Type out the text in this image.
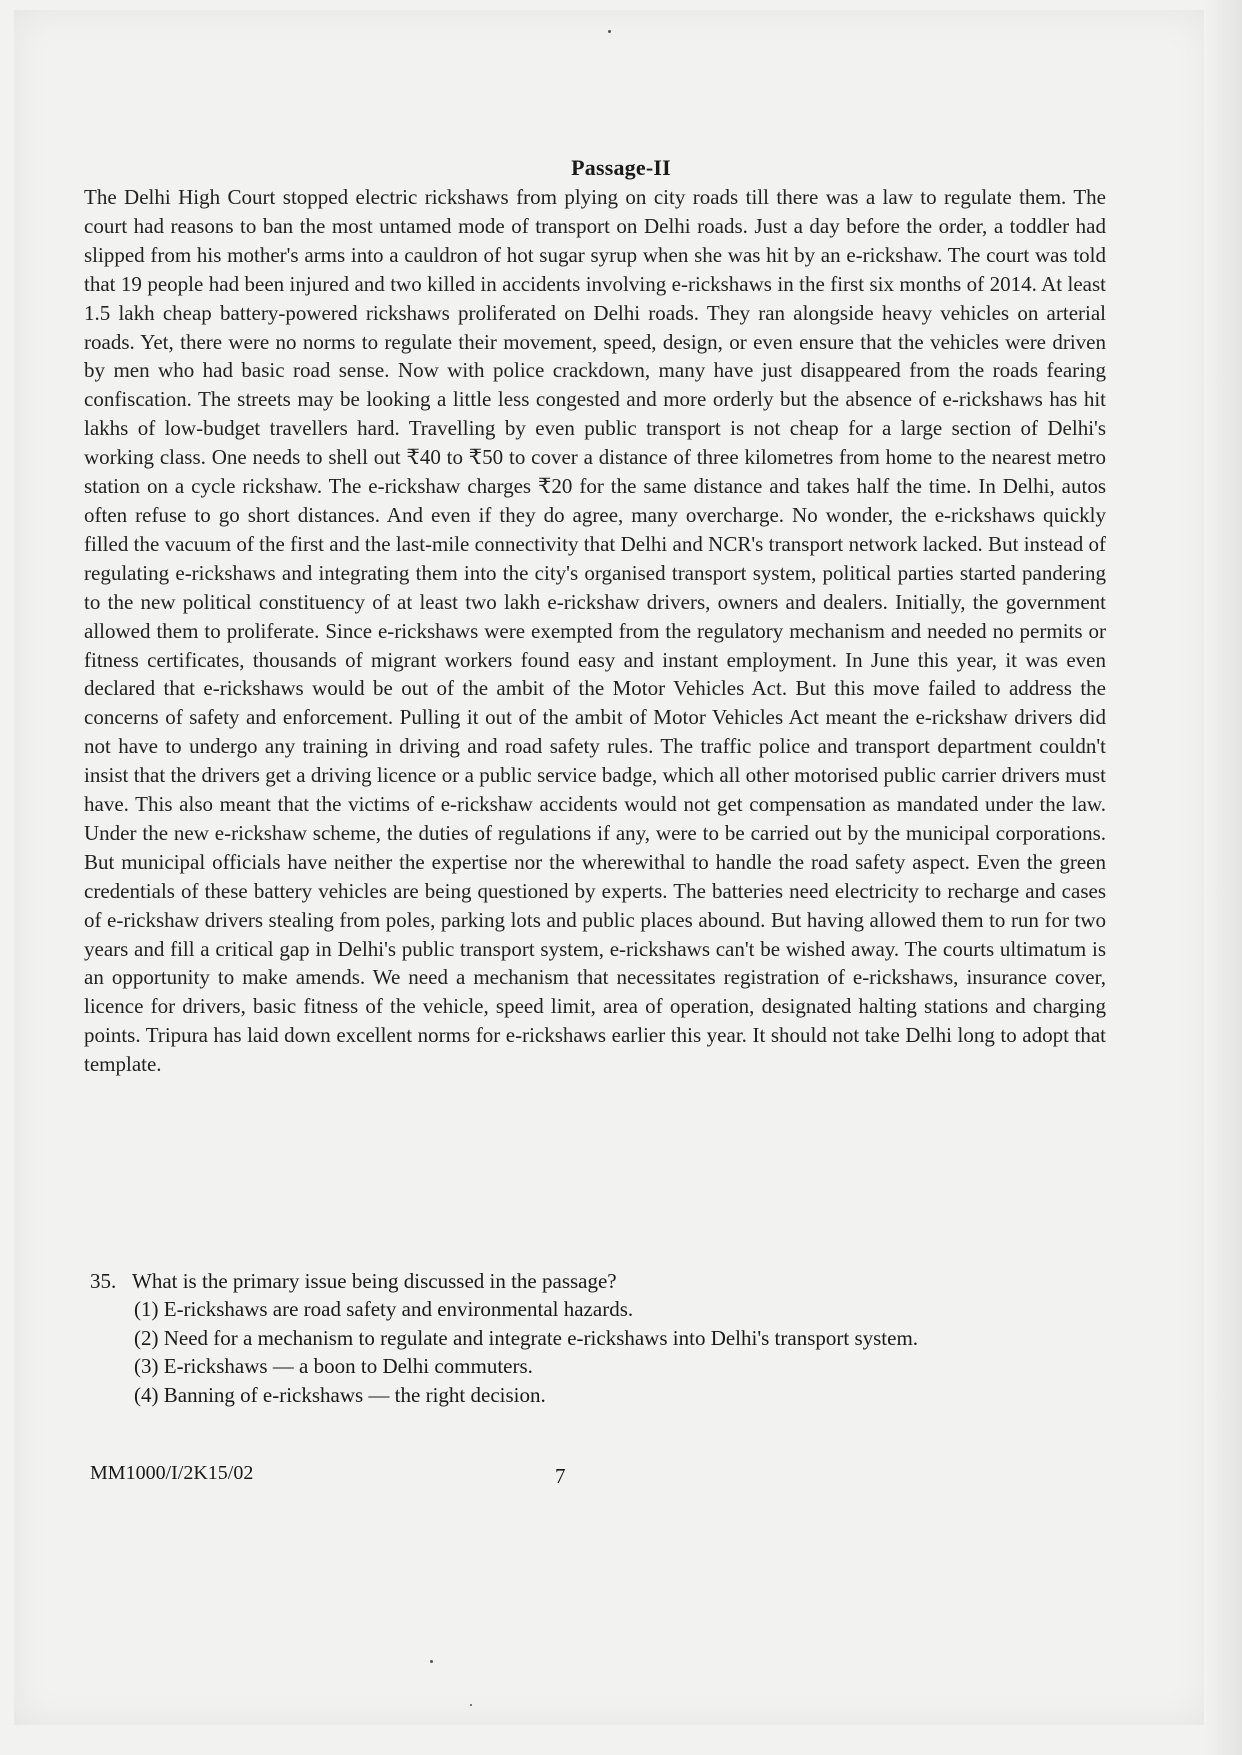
Passage-II

The Delhi High Court stopped electric rickshaws from plying on city roads till there was a law to regulate them. The court had reasons to ban the most untamed mode of transport on Delhi roads. Just a day before the order, a toddler had slipped from his mother's arms into a cauldron of hot sugar syrup when she was hit by an e-rickshaw. The court was told that 19 people had been injured and two killed in accidents involving e-rickshaws in the first six months of 2014. At least 1.5 lakh cheap battery-powered rickshaws proliferated on Delhi roads. They ran alongside heavy vehicles on arterial roads. Yet, there were no norms to regulate their movement, speed, design, or even ensure that the vehicles were driven by men who had basic road sense. Now with police crackdown, many have just disappeared from the roads fearing confiscation. The streets may be looking a little less congested and more orderly but the absence of e-rickshaws has hit lakhs of low-budget travellers hard. Travelling by even public transport is not cheap for a large section of Delhi's working class. One needs to shell out ₹40 to ₹50 to cover a distance of three kilometres from home to the nearest metro station on a cycle rickshaw. The e-rickshaw charges ₹20 for the same distance and takes half the time. In Delhi, autos often refuse to go short distances. And even if they do agree, many overcharge. No wonder, the e-rickshaws quickly filled the vacuum of the first and the last-mile connectivity that Delhi and NCR's transport network lacked. But instead of regulating e-rickshaws and integrating them into the city's organised transport system, political parties started pandering to the new political constituency of at least two lakh e-rickshaw drivers, owners and dealers. Initially, the government allowed them to proliferate. Since e-rickshaws were exempted from the regulatory mechanism and needed no permits or fitness certificates, thousands of migrant workers found easy and instant employment. In June this year, it was even declared that e-rickshaws would be out of the ambit of the Motor Vehicles Act. But this move failed to address the concerns of safety and enforcement. Pulling it out of the ambit of Motor Vehicles Act meant the e-rickshaw drivers did not have to undergo any training in driving and road safety rules. The traffic police and transport department couldn't insist that the drivers get a driving licence or a public service badge, which all other motorised public carrier drivers must have. This also meant that the victims of e-rickshaw accidents would not get compensation as mandated under the law. Under the new e-rickshaw scheme, the duties of regulations if any, were to be carried out by the municipal corporations. But municipal officials have neither the expertise nor the wherewithal to handle the road safety aspect. Even the green credentials of these battery vehicles are being questioned by experts. The batteries need electricity to recharge and cases of e-rickshaw drivers stealing from poles, parking lots and public places abound. But having allowed them to run for two years and fill a critical gap in Delhi's public transport system, e-rickshaws can't be wished away. The courts ultimatum is an opportunity to make amends. We need a mechanism that necessitates registration of e-rickshaws, insurance cover, licence for drivers, basic fitness of the vehicle, speed limit, area of operation, designated halting stations and charging points. Tripura has laid down excellent norms for e-rickshaws earlier this year. It should not take Delhi long to adopt that template.

35. What is the primary issue being discussed in the passage?
(1) E-rickshaws are road safety and environmental hazards.
(2) Need for a mechanism to regulate and integrate e-rickshaws into Delhi's transport system.
(3) E-rickshaws — a boon to Delhi commuters.
(4) Banning of e-rickshaws — the right decision.
MM1000/I/2K15/02	7
